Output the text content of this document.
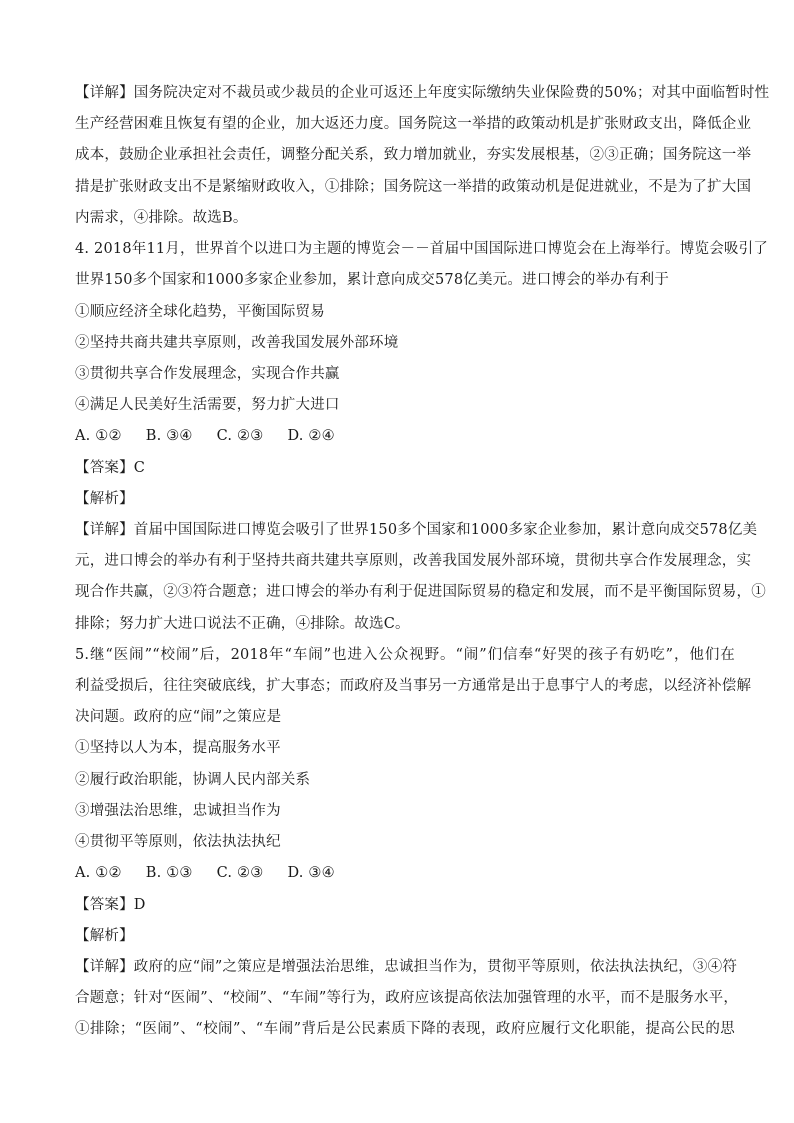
【详解】国务院决定对不裁员或少裁员的企业可返还上年度实际缴纳失业保险费的50%；对其中面临暂时性
生产经营困难且恢复有望的企业，加大返还力度。国务院这一举措的政策动机是扩张财政支出，降低企业
成本，鼓励企业承担社会责任，调整分配关系，致力增加就业，夯实发展根基，②③正确；国务院这一举
措是扩张财政支出不是紧缩财政收入，①排除；国务院这一举措的政策动机是促进就业，不是为了扩大国
内需求，④排除。故选B。
4. 2018年11月，世界首个以进口为主题的博览会－－首届中国国际进口博览会在上海举行。博览会吸引了
世界150多个国家和1000多家企业参加，累计意向成交578亿美元。进口博会的举办有利于
①顺应经济全球化趋势，平衡国际贸易
②坚持共商共建共享原则，改善我国发展外部环境
③贯彻共享合作发展理念，实现合作共赢
④满足人民美好生活需要，努力扩大进口
A. ①②     B. ③④     C. ②③     D. ②④
【答案】C
【解析】
【详解】首届中国国际进口博览会吸引了世界150多个国家和1000多家企业参加，累计意向成交578亿美
元，进口博会的举办有利于坚持共商共建共享原则，改善我国发展外部环境，贯彻共享合作发展理念，实
现合作共赢，②③符合题意；进口博会的举办有利于促进国际贸易的稳定和发展，而不是平衡国际贸易，①
排除；努力扩大进口说法不正确，④排除。故选C。
5.继“医闹”“校闹”后，2018年“车闹”也进入公众视野。“闹”们信奉“好哭的孩子有奶吃”，他们在
利益受损后，往往突破底线，扩大事态；而政府及当事另一方通常是出于息事宁人的考虑，以经济补偿解
决问题。政府的应“闹”之策应是
①坚持以人为本，提高服务水平
②履行政治职能，协调人民内部关系
③增强法治思维，忠诚担当作为
④贯彻平等原则，依法执法执纪
A. ①②     B. ①③     C. ②③     D. ③④
【答案】D
【解析】
【详解】政府的应“闹”之策应是增强法治思维，忠诚担当作为，贯彻平等原则，依法执法执纪，③④符
合题意；针对“医闹”、“校闹”、“车闹”等行为，政府应该提高依法加强管理的水平，而不是服务水平，
①排除；“医闹”、“校闹”、“车闹”背后是公民素质下降的表现，政府应履行文化职能，提高公民的思
